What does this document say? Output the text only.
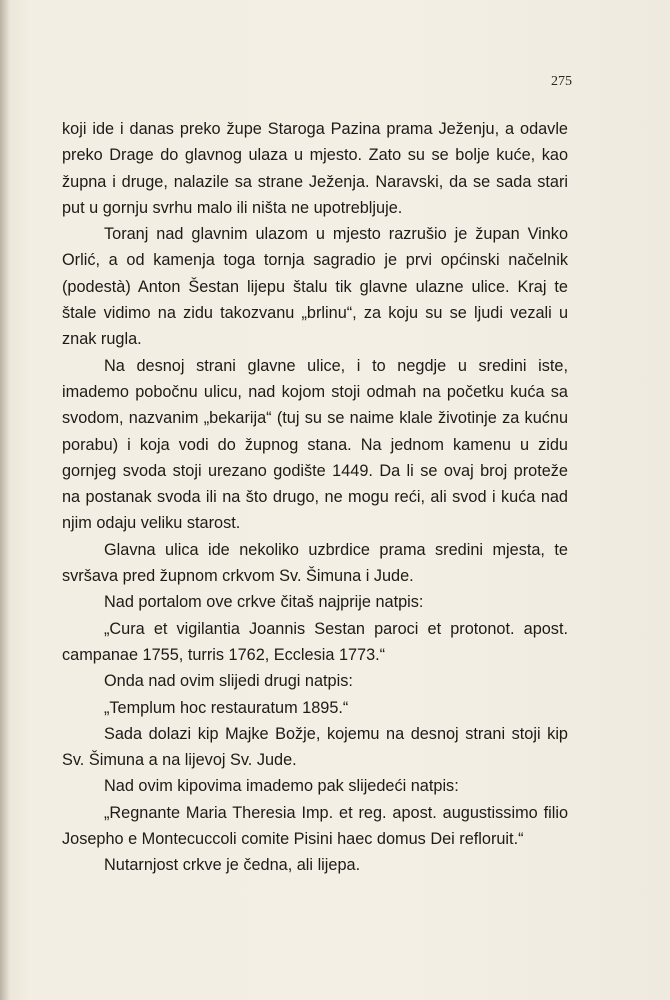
275

koji ide i danas preko župe Staroga Pazina prama Ježenju, a odavle preko Drage do glavnog ulaza u mjesto. Zato su se bolje kuće, kao župna i druge, nalazile sa strane Ježenja. Naravski, da se sada stari put u gornju svrhu malo ili ništa ne upotrebljuje.

Toranj nad glavnim ulazom u mjesto razrušio je župan Vinko Orlić, a od kamenja toga tornja sagradio je prvi općinski načelnik (podestà) Anton Šestan lijepu štalu tik glavne ulazne ulice. Kraj te štale vidimo na zidu takozvanu „brlinu“, za koju su se ljudi vezali u znak rugla.

Na desnoj strani glavne ulice, i to negdje u sredini iste, imademo pobočnu ulicu, nad kojom stoji odmah na početku kuća sa svodom, nazvanim „bekarija“ (tuj su se naime klale životinje za kućnu porabu) i koja vodi do župnog stana. Na jednom kamenu u zidu gornjeg svoda stoji urezano godište 1449. Da li se ovaj broj proteže na postanak svoda ili na što drugo, ne mogu reći, ali svod i kuća nad njim odaju veliku starost.

Glavna ulica ide nekoliko uzbrdice prama sredini mjesta, te svršava pred župnom crkvom Sv. Šimuna i Jude.

Nad portalom ove crkve čitaš najprije natpis:

„Cura et vigilantia Joannis Sestan paroci et protonot. apost. campanae 1755, turris 1762, Ecclesia 1773.“

Onda nad ovim slijedi drugi natpis:

„Templum hoc restauratum 1895.“

Sada dolazi kip Majke Božje, kojemu na desnoj strani stoji kip Sv. Šimuna a na lijevoj Sv. Jude.

Nad ovim kipovima imademo pak slijedeći natpis:

„Regnante Maria Theresia Imp. et reg. apost. augustissimo filio Josepho e Montecuccoli comite Pisini haec domus Dei refloruit.“

Nutarnjost crkve je čedna, ali lijepa.
